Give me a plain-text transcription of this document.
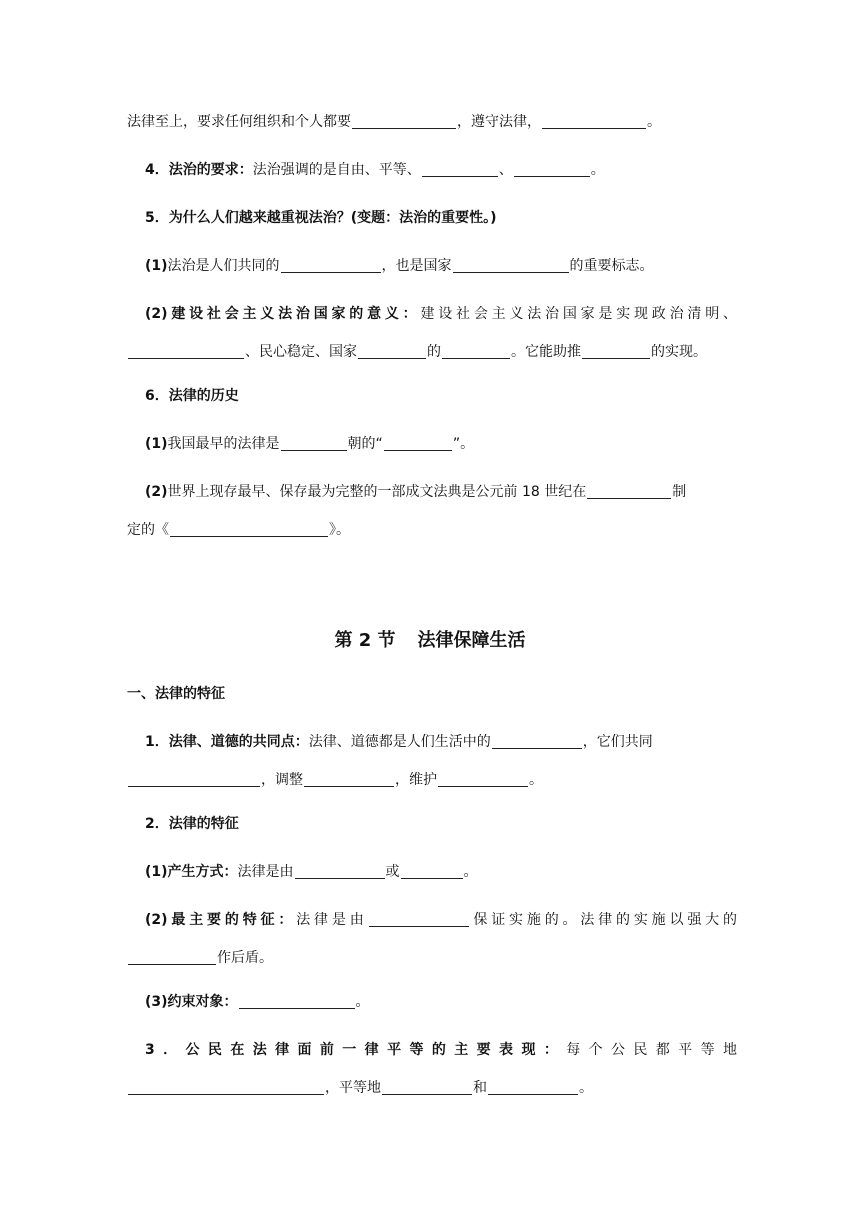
法律至上，要求任何组织和个人都要	，遵守法律，	。
4．法治的要求：法治强调的是自由、平等、	、	。
5．为什么人们越来越重视法治？(变题：法治的重要性。)
(1)法治是人们共同的	，也是国家	的重要标志。
(2)建设社会主义法治国家的意义：建设社会主义法治国家是实现政治清明、
、民心稳定、国家	的	。它能助推	的实现。
6．法律的历史
(1)我国最早的法律是	朝的“	”。
(2)世界上现存最早、保存最为完整的一部成文法典是公元前 18 世纪在	制
定的《	》。
第 2 节 法律保障生活
一、法律的特征
1．法律、道德的共同点：法律、道德都是人们生活中的	，它们共同
，调整	，维护	。
2．法律的特征
(1)产生方式：法律是由	或	。
(2)最主要的特征：法律是由	保证实施的。法律的实施以强大的
作后盾。
(3)约束对象：	。
3．公民在法律面前一律平等的主要表现：每个公民都平等地
，平等地	和	。
